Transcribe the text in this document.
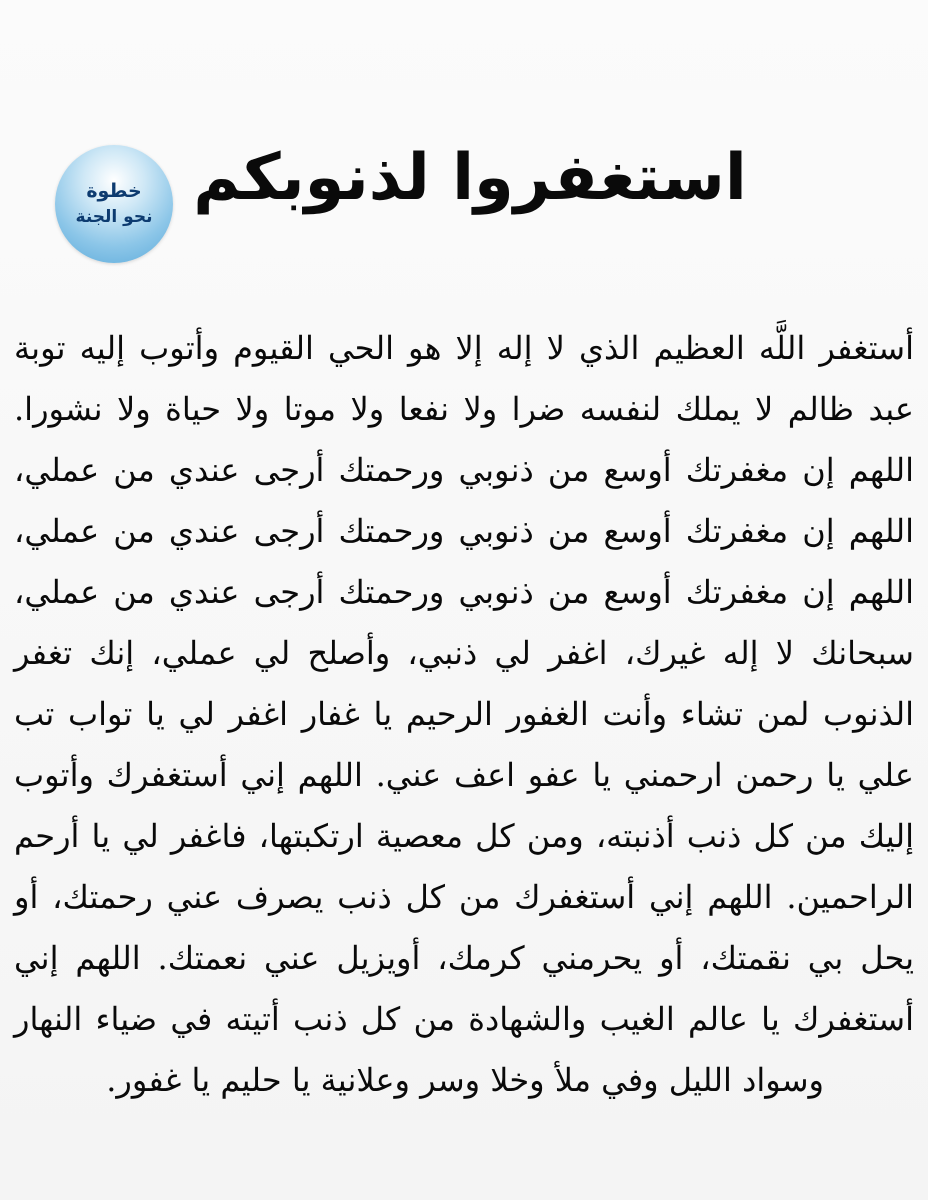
استغفروا لذنوبكم
خطوة
نحو الجنة
أستغفر اللَّه العظيم الذي لا إله إلا هو الحي القيوم وأتوب إليه توبة
عبد ظالم لا يملك لنفسه ضرا ولا نفعا ولا موتا ولا حياة ولا نشورا.
اللهم إن مغفرتك أوسع من ذنوبي ورحمتك أرجى عندي من عملي،
اللهم إن مغفرتك أوسع من ذنوبي ورحمتك أرجى عندي من عملي،
اللهم إن مغفرتك أوسع من ذنوبي ورحمتك أرجى عندي من عملي،
سبحانك لا إله غيرك، اغفر لي ذنبي، وأصلح لي عملي، إنك تغفر
الذنوب لمن تشاء وأنت الغفور الرحيم يا غفار اغفر لي يا تواب تب
علي يا رحمن ارحمني يا عفو اعف عني. اللهم إني أستغفرك وأتوب
إليك من كل ذنب أذنبته، ومن كل معصية ارتكبتها، فاغفر لي يا أرحم
الراحمين. اللهم إني أستغفرك من كل ذنب يصرف عني رحمتك، أو
يحل بي نقمتك، أو يحرمني كرمك، أويزيل عني نعمتك. اللهم إني
أستغفرك يا عالم الغيب والشهادة من كل ذنب أتيته في ضياء النهار
وسواد الليل وفي ملأ وخلا وسر وعلانية يا حليم يا غفور.
